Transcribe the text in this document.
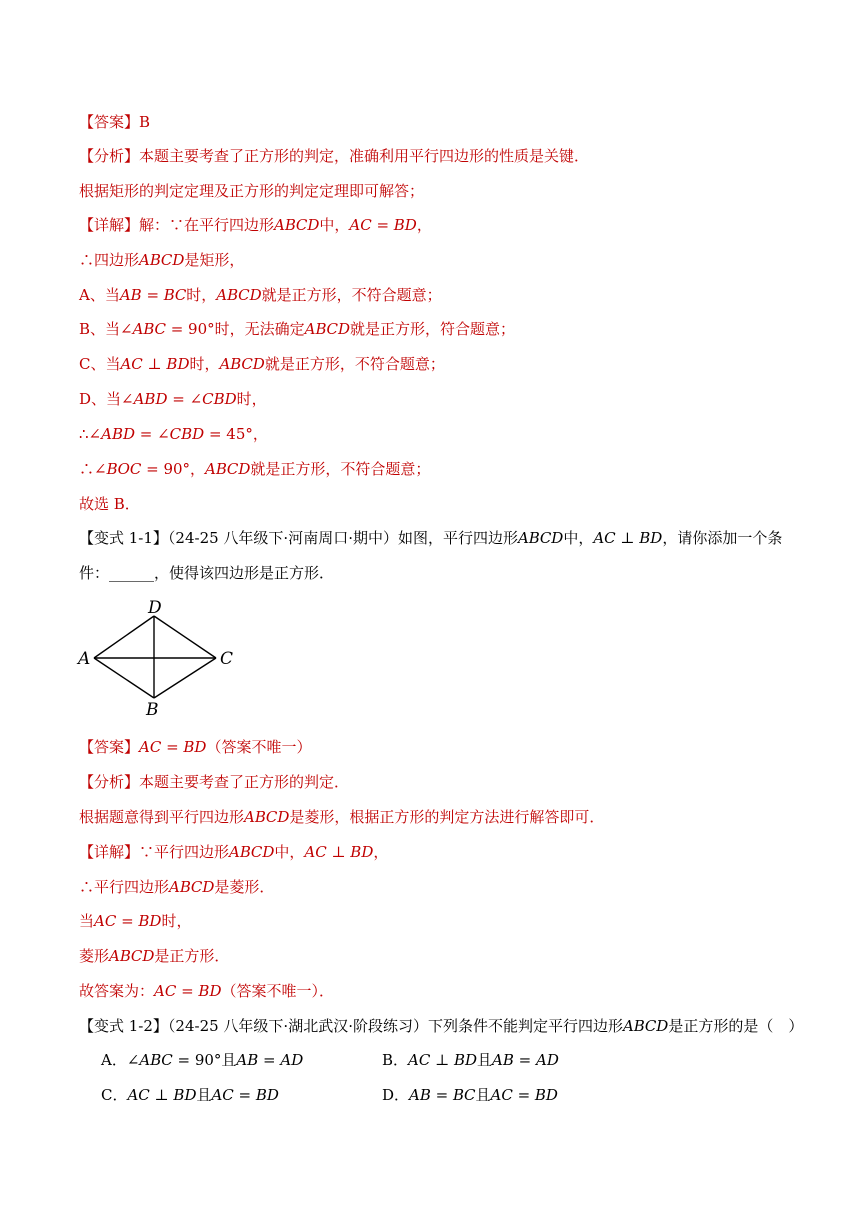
【答案】B
【分析】本题主要考查了正方形的判定，准确利用平行四边形的性质是关键．
根据矩形的判定定理及正方形的判定定理即可解答；
【详解】解：∵在平行四边形𝐴𝐵𝐶𝐷中，𝐴𝐶 = 𝐵𝐷，
∴四边形𝐴𝐵𝐶𝐷是矩形，
A、当𝐴𝐵 = 𝐵𝐶时，𝐴𝐵𝐶𝐷就是正方形，不符合题意；
B、当∠𝐴𝐵𝐶 = 90°时，无法确定𝐴𝐵𝐶𝐷就是正方形，符合题意；
C、当𝐴𝐶 ⊥ 𝐵𝐷时，𝐴𝐵𝐶𝐷就是正方形，不符合题意；
D、当∠𝐴𝐵𝐷 = ∠𝐶𝐵𝐷时，
∴∠𝐴𝐵𝐷 = ∠𝐶𝐵𝐷 = 45°，
∴∠𝐵𝑂𝐶 = 90°，𝐴𝐵𝐶𝐷就是正方形，不符合题意；
故选 B．
【变式 1-1】（24-25 八年级下·河南周口·期中）如图，平行四边形𝐴𝐵𝐶𝐷中，𝐴𝐶 ⊥ 𝐵𝐷，请你添加一个条
件：______，使得该四边形是正方形．
D
A	C
B
【答案】𝐴𝐶 = 𝐵𝐷（答案不唯一）
【分析】本题主要考查了正方形的判定．
根据题意得到平行四边形𝐴𝐵𝐶𝐷是菱形，根据正方形的判定方法进行解答即可．
【详解】∵平行四边形𝐴𝐵𝐶𝐷中，𝐴𝐶 ⊥ 𝐵𝐷，
∴平行四边形𝐴𝐵𝐶𝐷是菱形．
当𝐴𝐶 = 𝐵𝐷时，
菱形𝐴𝐵𝐶𝐷是正方形．
故答案为：𝐴𝐶 = 𝐵𝐷（答案不唯一）．
【变式 1-2】（24-25 八年级下·湖北武汉·阶段练习）下列条件不能判定平行四边形𝐴𝐵𝐶𝐷是正方形的是（　）
A．∠𝐴𝐵𝐶 = 90°且𝐴𝐵 = 𝐴𝐷	B．𝐴𝐶 ⊥ 𝐵𝐷且𝐴𝐵 = 𝐴𝐷
C．𝐴𝐶 ⊥ 𝐵𝐷且𝐴𝐶 = 𝐵𝐷	D．𝐴𝐵 = 𝐵𝐶且𝐴𝐶 = 𝐵𝐷
